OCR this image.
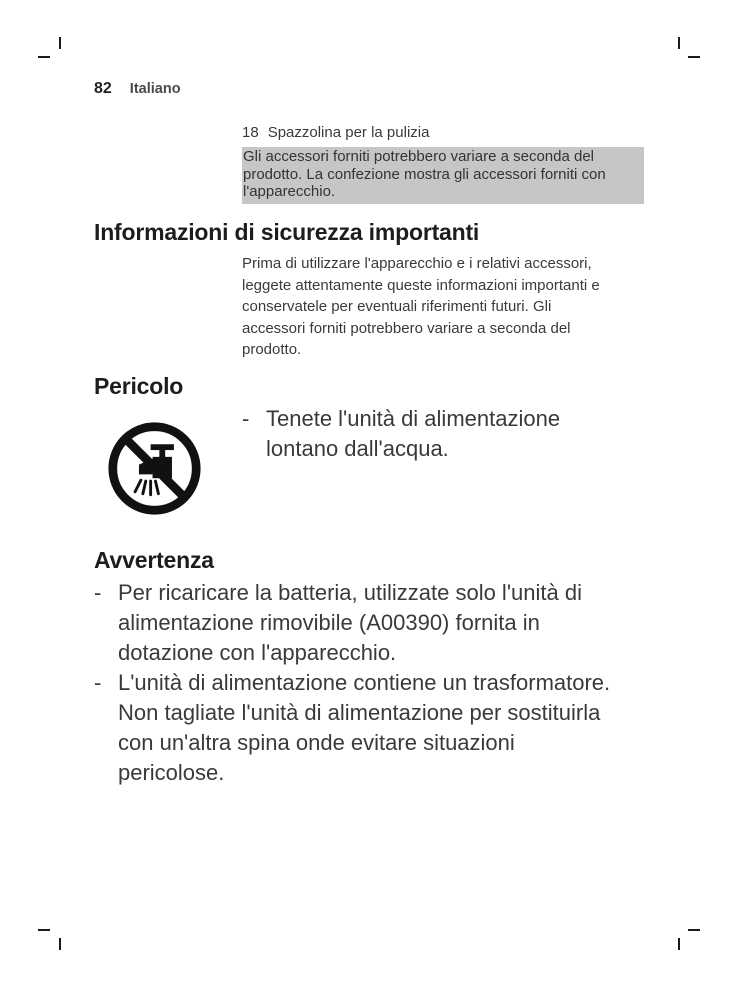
82 Italiano
18 Spazzolina per la pulizia
Gli accessori forniti potrebbero variare a seconda del prodotto. La confezione mostra gli accessori forniti con l'apparecchio.
Informazioni di sicurezza importanti

Prima di utilizzare l'apparecchio e i relativi accessori, leggete attentamente queste informazioni importanti e conservatele per eventuali riferimenti futuri. Gli accessori forniti potrebbero variare a seconda del prodotto.

Pericolo
- Tenete l'unità di alimentazione lontano dall'acqua.
Avvertenza
- Per ricaricare la batteria, utilizzate solo l'unità di alimentazione rimovibile (A00390) fornita in dotazione con l'apparecchio.
- L'unità di alimentazione contiene un trasformatore. Non tagliate l'unità di alimentazione per sostituirla con un'altra spina onde evitare situazioni pericolose.
